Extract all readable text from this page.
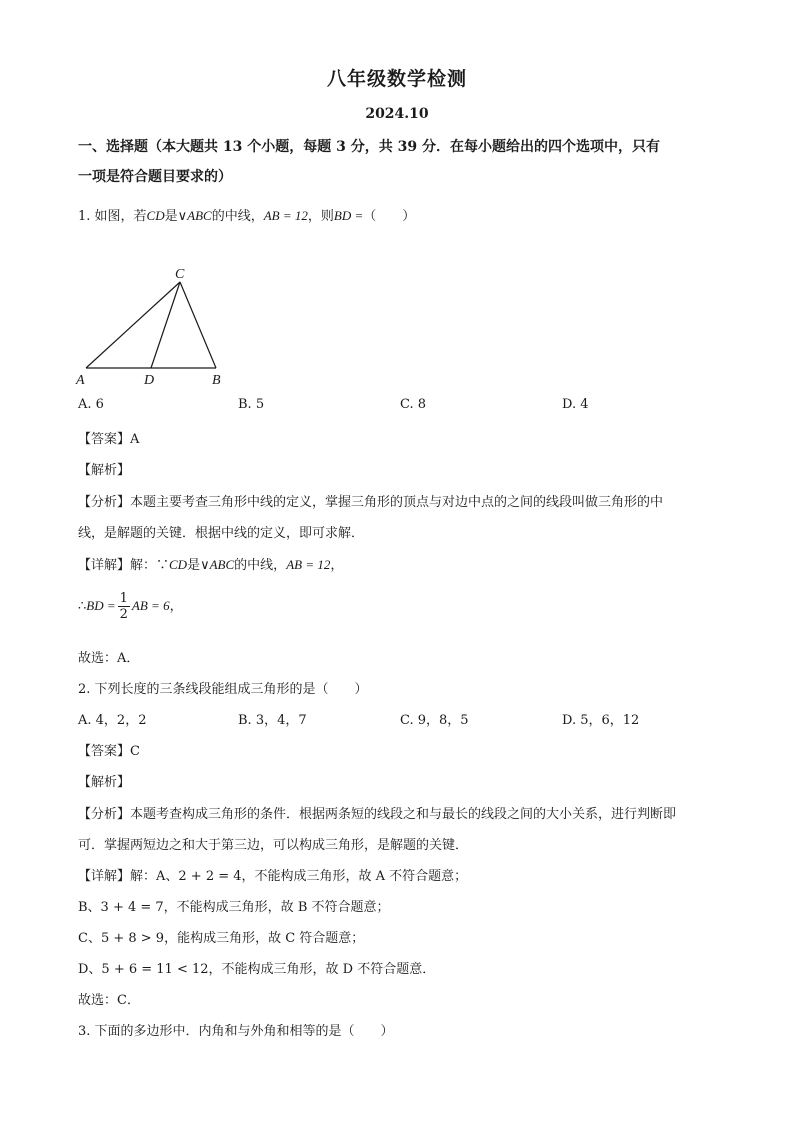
八年级数学检测
2024.10
一、选择题（本大题共 13 个小题，每题 3 分，共 39 分．在每小题给出的四个选项中，只有
一项是符合题目要求的）
1. 如图，若CD是∨ABC的中线，AB = 12，则BD =（　　）
C
A	D	B
A. 6	B. 5	C. 8	D. 4
【答案】A
【解析】
【分析】本题主要考查三角形中线的定义，掌握三角形的顶点与对边中点的之间的线段叫做三角形的中
线，是解题的关键．根据中线的定义，即可求解．
【详解】解：∵CD是∨ABC的中线，AB = 12，
∴BD = $\frac{1}{2}$ AB = 6，
故选：A．
2. 下列长度的三条线段能组成三角形的是（　　）
A. 4，2，2	B. 3，4，7	C. 9，8，5	D. 5，6，12
【答案】C
【解析】
【分析】本题考查构成三角形的条件．根据两条短的线段之和与最长的线段之间的大小关系，进行判断即
可．掌握两短边之和大于第三边，可以构成三角形，是解题的关键．
【详解】解：A、2 + 2 = 4，不能构成三角形，故 A 不符合题意；
B、3 + 4 = 7，不能构成三角形，故 B 不符合题意；
C、5 + 8 > 9，能构成三角形，故 C 符合题意；
D、5 + 6 = 11 < 12，不能构成三角形，故 D 不符合题意．
故选：C．
3. 下面的多边形中．内角和与外角和相等的是（　　）
